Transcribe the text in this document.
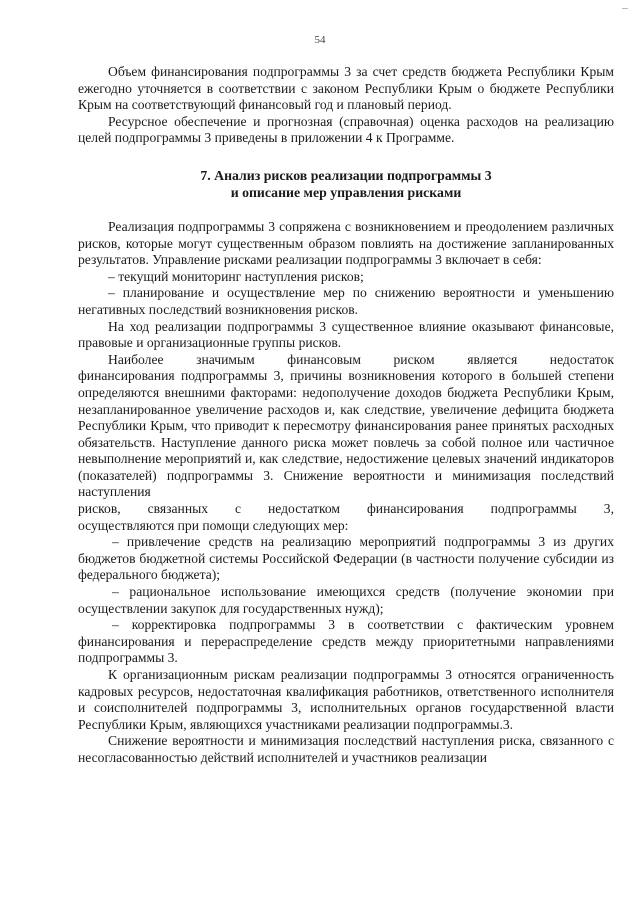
54

Объем финансирования подпрограммы 3 за счет средств бюджета Республики Крым ежегодно уточняется в соответствии с законом Республики Крым о бюджете Республики Крым на соответствующий финансовый год и плановый период.

Ресурсное обеспечение и прогнозная (справочная) оценка расходов на реализацию целей подпрограммы 3 приведены в приложении 4 к Программе.

7. Анализ рисков реализации подпрограммы 3
и описание мер управления рисками

Реализация подпрограммы 3 сопряжена с возникновением и преодолением различных рисков, которые могут существенным образом повлиять на достижение запланированных результатов. Управление рисками реализации подпрограммы 3 включает в себя:

– текущий мониторинг наступления рисков;

– планирование и осуществление мер по снижению вероятности и уменьшению негативных последствий возникновения рисков.

На ход реализации подпрограммы 3 существенное влияние оказывают финансовые, правовые и организационные группы рисков.

Наиболее значимым финансовым риском является недостаток

финансирования подпрограммы 3, причины возникновения которого в большей степени определяются внешними факторами: недополучение доходов бюджета Республики Крым, незапланированное увеличение расходов и, как следствие, увеличение дефицита бюджета Республики Крым, что приводит к пересмотру финансирования ранее принятых расходных обязательств. Наступление данного риска может повлечь за собой полное или частичное невыполнение мероприятий и, как следствие, недостижение целевых значений индикаторов (показателей) подпрограммы 3. Снижение вероятности и минимизация последствий наступления

рисков, связанных с недостатком финансирования подпрограммы 3,

осуществляются при помощи следующих мер:

– привлечение средств на реализацию мероприятий подпрограммы 3 из других бюджетов бюджетной системы Российской Федерации (в частности получение субсидии из федерального бюджета);

– рациональное использование имеющихся средств (получение экономии при осуществлении закупок для государственных нужд);

– корректировка подпрограммы 3 в соответствии с фактическим уровнем финансирования и перераспределение средств между приоритетными направлениями подпрограммы 3.

К организационным рискам реализации подпрограммы 3 относятся ограниченность кадровых ресурсов, недостаточная квалификация работников, ответственного исполнителя и соисполнителей подпрограммы 3, исполнительных органов государственной власти Республики Крым, являющихся участниками реализации подпрограммы.3.

Снижение вероятности и минимизация последствий наступления риска, связанного с несогласованностью действий исполнителей и участников реализации
